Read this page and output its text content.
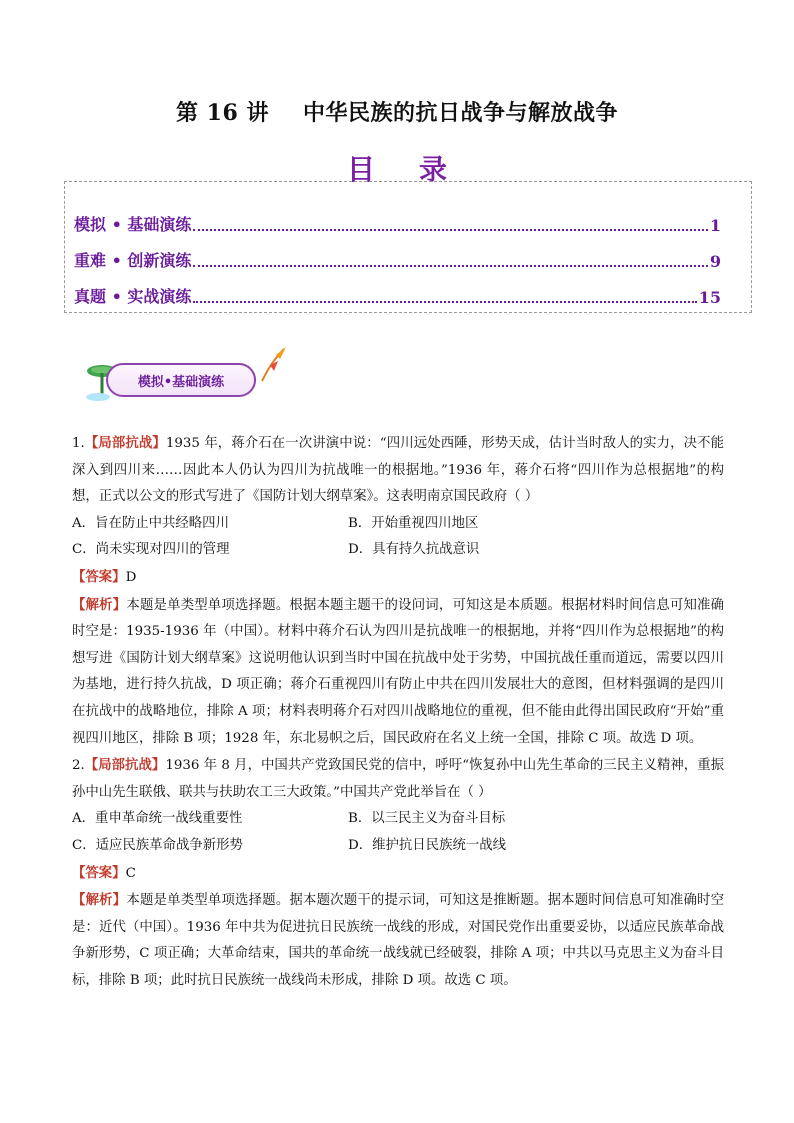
第 16 讲 中华民族的抗日战争与解放战争
目 录
模拟 • 基础演练	1
重难 • 创新演练	9
真题 • 实战演练	15
模拟•基础演练

1.【局部抗战】1935 年，蒋介石在一次讲演中说：“四川远处西陲，形势天成，估计当时敌人的实力，决不能深入到四川来……因此本人仍认为四川为抗战唯一的根据地。”1936 年，蒋介石将“四川作为总根据地”的构想，正式以公文的形式写进了《国防计划大纲草案》。这表明南京国民政府（ ）

A．旨在防止中共经略四川	B．开始重视四川地区
C．尚未实现对四川的管理	D．具有持久抗战意识

【答案】D

【解析】本题是单类型单项选择题。根据本题主题干的设问词，可知这是本质题。根据材料时间信息可知准确时空是：1935-1936 年（中国）。材料中蒋介石认为四川是抗战唯一的根据地，并将“四川作为总根据地”的构想写进《国防计划大纲草案》这说明他认识到当时中国在抗战中处于劣势，中国抗战任重而道远，需要以四川为基地，进行持久抗战，D 项正确；蒋介石重视四川有防止中共在四川发展壮大的意图，但材料强调的是四川在抗战中的战略地位，排除 A 项；材料表明蒋介石对四川战略地位的重视，但不能由此得出国民政府“开始”重视四川地区，排除 B 项；1928 年，东北易帜之后，国民政府在名义上统一全国，排除 C 项。故选 D 项。

2.【局部抗战】1936 年 8 月，中国共产党致国民党的信中，呼吁“恢复孙中山先生革命的三民主义精神，重振孙中山先生联俄、联共与扶助农工三大政策。”中国共产党此举旨在（ ）

A．重申革命统一战线重要性	B．以三民主义为奋斗目标
C．适应民族革命战争新形势	D．维护抗日民族统一战线

【答案】C

【解析】本题是单类型单项选择题。据本题次题干的提示词，可知这是推断题。据本题时间信息可知准确时空是：近代（中国）。1936 年中共为促进抗日民族统一战线的形成，对国民党作出重要妥协，以适应民族革命战争新形势，C 项正确；大革命结束，国共的革命统一战线就已经破裂，排除 A 项；中共以马克思主义为奋斗目标，排除 B 项；此时抗日民族统一战线尚未形成，排除 D 项。故选 C 项。
